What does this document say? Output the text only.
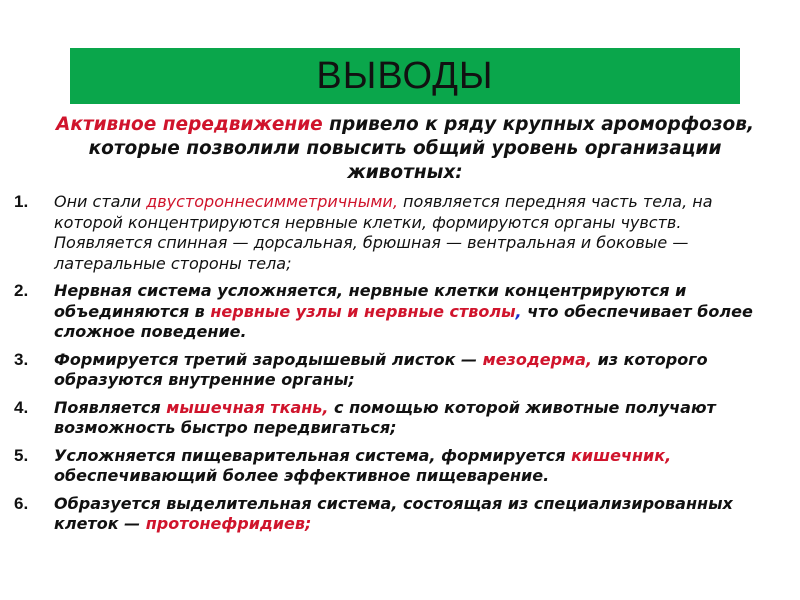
ВЫВОДЫ
Активное передвижение привело к ряду крупных ароморфозов, которые позволили повысить общий уровень организации животных:
1. Они стали двустороннесимметричными, появляется передняя часть тела, на которой концентрируются нервные клетки, формируются органы чувств. Появляется спинная — дорсальная, брюшная — вентральная и боковые — латеральные стороны тела;
2. Нервная система усложняется, нервные клетки концентрируются и объединяются в нервные узлы и нервные стволы, что обеспечивает более сложное поведение.
3. Формируется третий зародышевый листок — мезодерма, из которого образуются внутренние органы;
4. Появляется мышечная ткань, с помощью которой животные получают возможность быстро передвигаться;
5. Усложняется пищеварительная система, формируется кишечник, обеспечивающий более эффективное пищеварение.
6. Образуется выделительная система, состоящая из специализированных клеток — протонефридиев;
